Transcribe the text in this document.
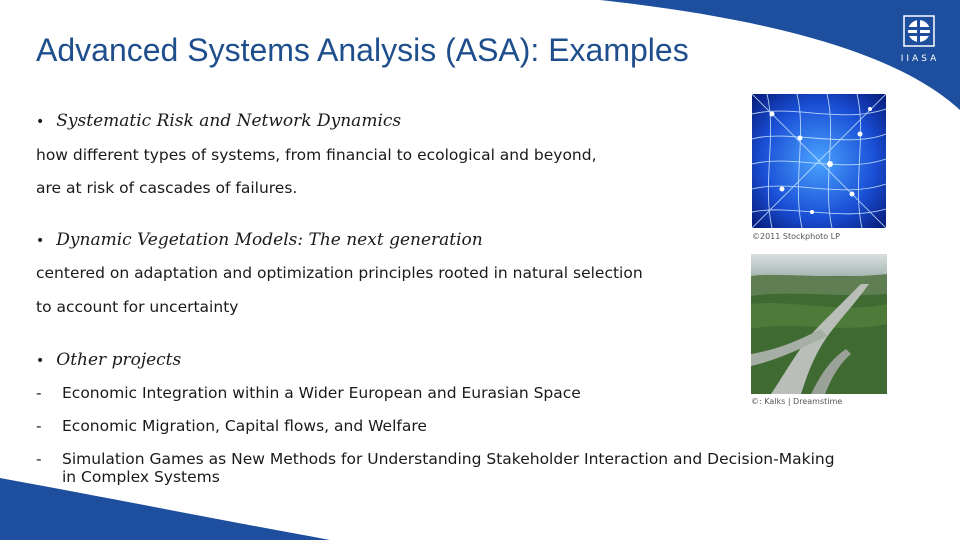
IIASA
Advanced Systems Analysis (ASA): Examples
• Systematic Risk and Network Dynamics
how different types of systems, from financial to ecological and beyond,
are at risk of cascades of failures.
• Dynamic Vegetation Models: The next generation
centered on adaptation and optimization principles rooted in natural selection
to account for uncertainty
• Other projects
- Economic Integration within a Wider European and Eurasian Space
- Economic Migration, Capital flows, and Welfare
- Simulation Games as New Methods for Understanding Stakeholder Interaction and Decision-Making in Complex Systems
©2011 Stockphoto LP
©: Kalks | Dreamstime
